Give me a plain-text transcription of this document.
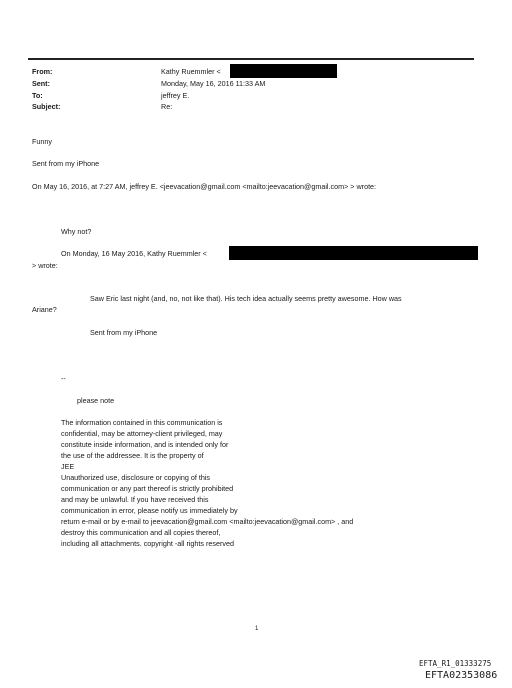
From:
Sent:
To:
Subject:
Kathy Ruemmler <
Monday, May 16, 2016 11:33 AM
jeffrey E.
Re:
Funny
Sent from my iPhone
On May 16, 2016, at 7:27 AM, jeffrey E. <jeevacation@gmail.com <mailto:jeevacation@gmail.com> > wrote:
Why not?
On Monday, 16 May 2016, Kathy Ruemmler <
> wrote:
Saw Eric last night (and, no, not like that). His tech idea actually seems pretty awesome. How was
Ariane?
Sent from my iPhone
--
please note
The information contained in this communication is
confidential, may be attorney-client privileged, may
constitute inside information, and is intended only for
the use of the addressee. It is the property of
JEE
Unauthorized use, disclosure or copying of this
communication or any part thereof is strictly prohibited
and may be unlawful. If you have received this
communication in error, please notify us immediately by
return e-mail or by e-mail to jeevacation@gmail.com <mailto:jeevacation@gmail.com> , and
destroy this communication and all copies thereof,
including all attachments. copyright -all rights reserved
1
EFTA_R1_01333275
EFTA02353086
